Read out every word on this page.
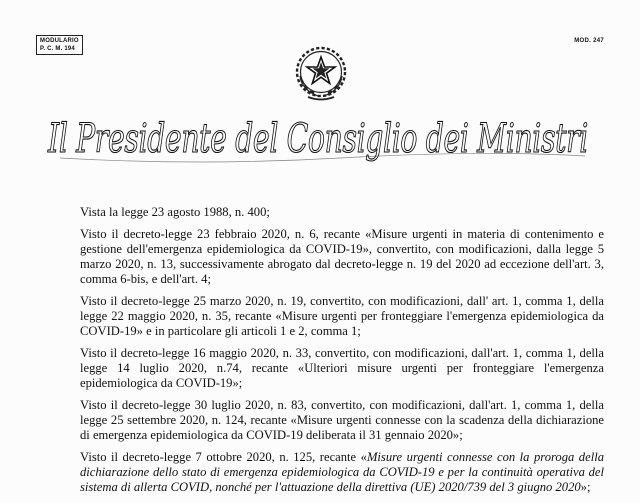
MODULARIO
P. C. M. 194
MOD. 247
Il Presidente del Consiglio dei Ministri

Vista la legge 23 agosto 1988, n. 400;

Visto il decreto-legge 23 febbraio 2020, n. 6, recante «Misure urgenti in materia di contenimento e gestione dell'emergenza epidemiologica da COVID-19», convertito, con modificazioni, dalla legge 5 marzo 2020, n. 13, successivamente abrogato dal decreto-legge n. 19 del 2020 ad eccezione dell'art. 3, comma 6-bis, e dell'art. 4;

Visto il decreto-legge 25 marzo 2020, n. 19, convertito, con modificazioni, dall' art. 1, comma 1, della legge 22 maggio 2020, n. 35, recante «Misure urgenti per fronteggiare l'emergenza epidemiologica da COVID-19» e in particolare gli articoli 1 e 2, comma 1;

Visto il decreto-legge 16 maggio 2020, n. 33, convertito, con modificazioni, dall'art. 1, comma 1, della legge 14 luglio 2020, n.74, recante «Ulteriori misure urgenti per fronteggiare l'emergenza epidemiologica da COVID-19»;

Visto il decreto-legge 30 luglio 2020, n. 83, convertito, con modificazioni, dall'art. 1, comma 1, della legge 25 settembre 2020, n. 124, recante «Misure urgenti connesse con la scadenza della dichiarazione di emergenza epidemiologica da COVID-19 deliberata il 31 gennaio 2020»;

Visto il decreto-legge 7 ottobre 2020, n. 125, recante «Misure urgenti connesse con la proroga della dichiarazione dello stato di emergenza epidemiologica da COVID-19 e per la continuità operativa del sistema di allerta COVID, nonché per l'attuazione della direttiva (UE) 2020/739 del 3 giugno 2020»;
